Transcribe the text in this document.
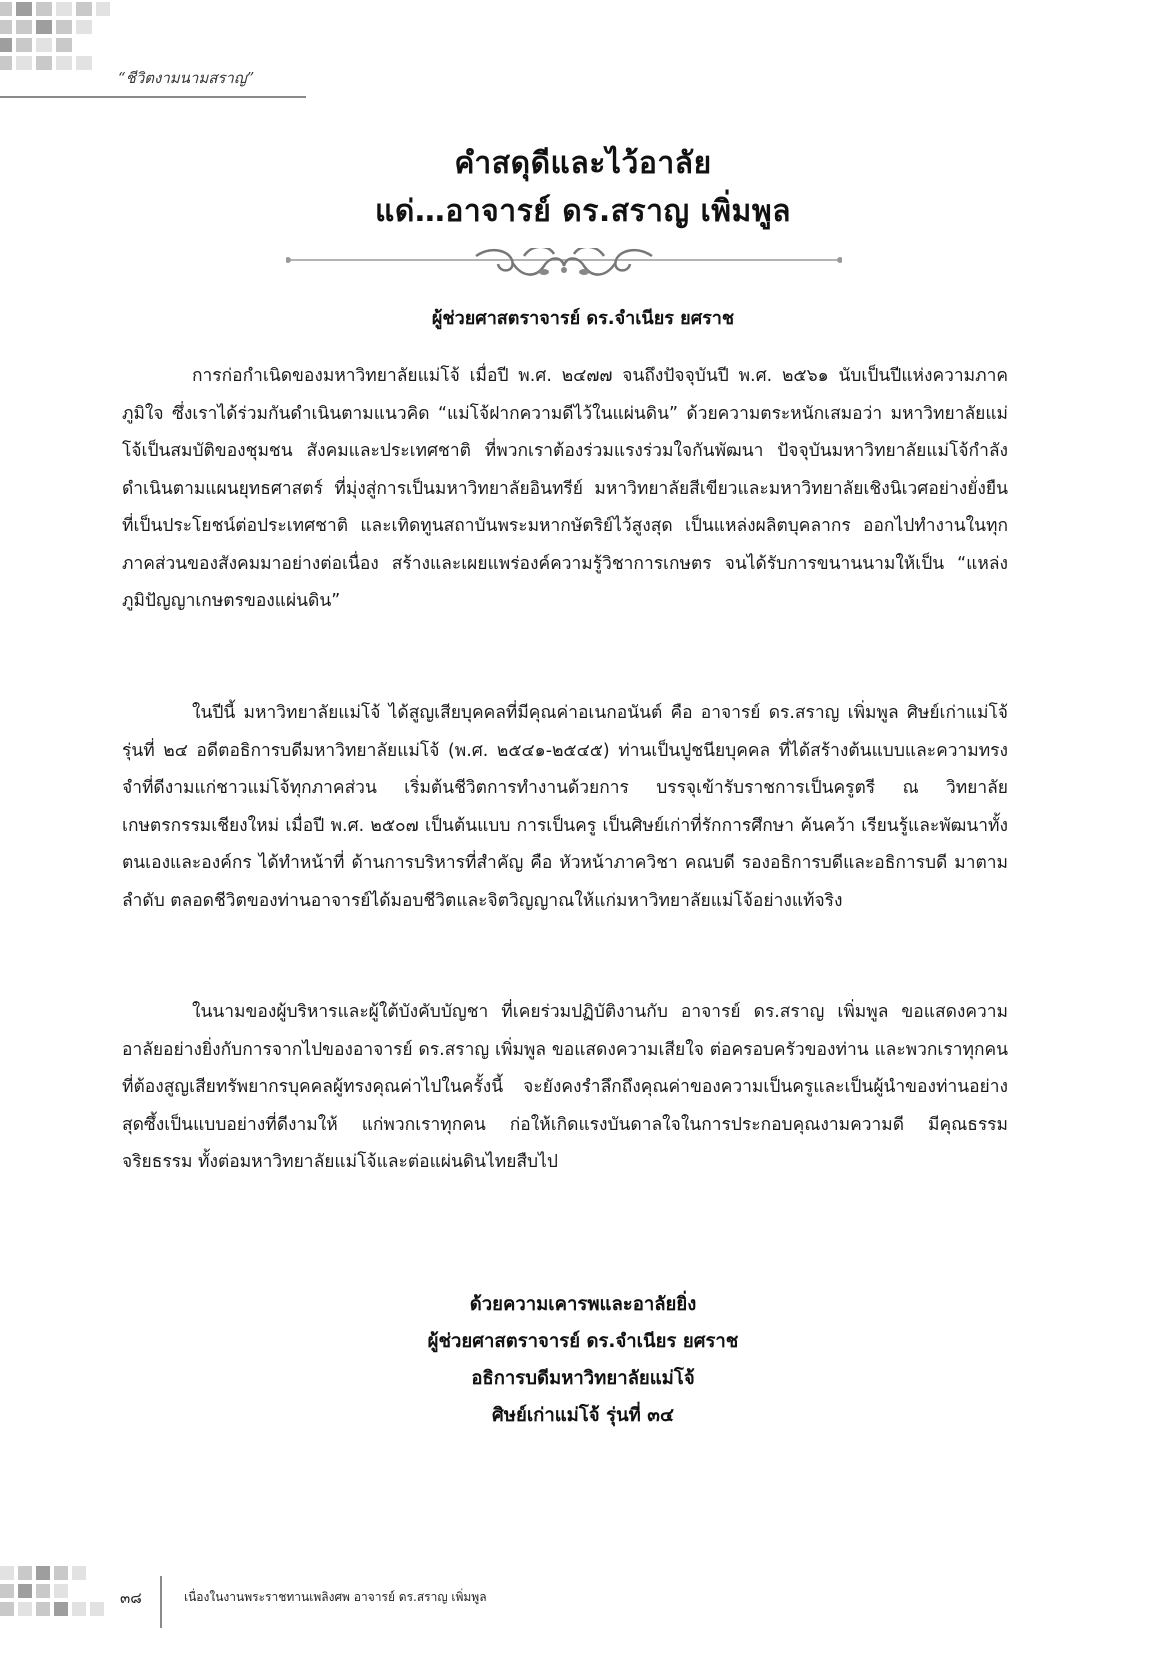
“ชีวิตงามนามสราญ”
คำสดุดีและไว้อาลัย
แด่…อาจารย์ ดร.สราญ เพิ่มพูล
ผู้ช่วยศาสตราจารย์ ดร.จำเนียร ยศราช

การก่อกำเนิดของมหาวิทยาลัยแม่โจ้ เมื่อปี พ.ศ. ๒๔๗๗ จนถึงปัจจุบันปี พ.ศ. ๒๕๖๑ นับเป็นปีแห่งความภาคภูมิใจ ซึ่งเราได้ร่วมกันดำเนินตามแนวคิด “แม่โจ้ฝากความดีไว้ในแผ่นดิน” ด้วยความตระหนักเสมอว่า มหาวิทยาลัยแม่โจ้เป็นสมบัติของชุมชน สังคมและประเทศชาติ ที่พวกเราต้องร่วมแรงร่วมใจกันพัฒนา ปัจจุบันมหาวิทยาลัยแม่โจ้กำลังดำเนินตามแผนยุทธศาสตร์ ที่มุ่งสู่การเป็นมหาวิทยาลัยอินทรีย์ มหาวิทยาลัยสีเขียวและมหาวิทยาลัยเชิงนิเวศอย่างยั่งยืน ที่เป็นประโยชน์ต่อประเทศชาติ และเทิดทูนสถาบันพระมหากษัตริย์ไว้สูงสุด เป็นแหล่งผลิตบุคลากร ออกไปทำงานในทุกภาคส่วนของสังคมมาอย่างต่อเนื่อง สร้างและเผยแพร่องค์ความรู้วิชาการเกษตร จนได้รับการขนานนามให้เป็น “แหล่งภูมิปัญญาเกษตรของแผ่นดิน”

ในปีนี้ มหาวิทยาลัยแม่โจ้ ได้สูญเสียบุคคลที่มีคุณค่าอเนกอนันต์ คือ อาจารย์ ดร.สราญ เพิ่มพูล ศิษย์เก่าแม่โจ้ รุ่นที่ ๒๔ อดีตอธิการบดีมหาวิทยาลัยแม่โจ้ (พ.ศ. ๒๕๔๑-๒๕๔๕) ท่านเป็นปูชนียบุคคล ที่ได้สร้างต้นแบบและความทรงจำที่ดีงามแก่ชาวแม่โจ้ทุกภาคส่วน เริ่มต้นชีวิตการทำงานด้วยการ บรรจุเข้ารับราชการเป็นครูตรี ณ วิทยาลัยเกษตรกรรมเชียงใหม่ เมื่อปี พ.ศ. ๒๕๐๗ เป็นต้นแบบ การเป็นครู เป็นศิษย์เก่าที่รักการศึกษา ค้นคว้า เรียนรู้และพัฒนาทั้งตนเองและองค์กร ได้ทำหน้าที่ ด้านการบริหารที่สำคัญ คือ หัวหน้าภาควิชา คณบดี รองอธิการบดีและอธิการบดี มาตามลำดับ ตลอดชีวิตของท่านอาจารย์ได้มอบชีวิตและจิตวิญญาณให้แก่มหาวิทยาลัยแม่โจ้อย่างแท้จริง

ในนามของผู้บริหารและผู้ใต้บังคับบัญชา ที่เคยร่วมปฏิบัติงานกับ อาจารย์ ดร.สราญ เพิ่มพูล ขอแสดงความอาลัยอย่างยิ่งกับการจากไปของอาจารย์ ดร.สราญ เพิ่มพูล ขอแสดงความเสียใจ ต่อครอบครัวของท่าน และพวกเราทุกคนที่ต้องสูญเสียทรัพยากรบุคคลผู้ทรงคุณค่าไปในครั้งนี้ จะยังคงรำลึกถึงคุณค่าของความเป็นครูและเป็นผู้นำของท่านอย่างสุดซึ้งเป็นแบบอย่างที่ดีงามให้ แก่พวกเราทุกคน ก่อให้เกิดแรงบันดาลใจในการประกอบคุณงามความดี มีคุณธรรม จริยธรรม ทั้งต่อมหาวิทยาลัยแม่โจ้และต่อแผ่นดินไทยสืบไป

ด้วยความเคารพและอาลัยยิ่ง
ผู้ช่วยศาสตราจารย์ ดร.จำเนียร ยศราช
อธิการบดีมหาวิทยาลัยแม่โจ้
ศิษย์เก่าแม่โจ้ รุ่นที่ ๓๔
๓๘	เนื่องในงานพระราชทานเพลิงศพ อาจารย์ ดร.สราญ เพิ่มพูล
